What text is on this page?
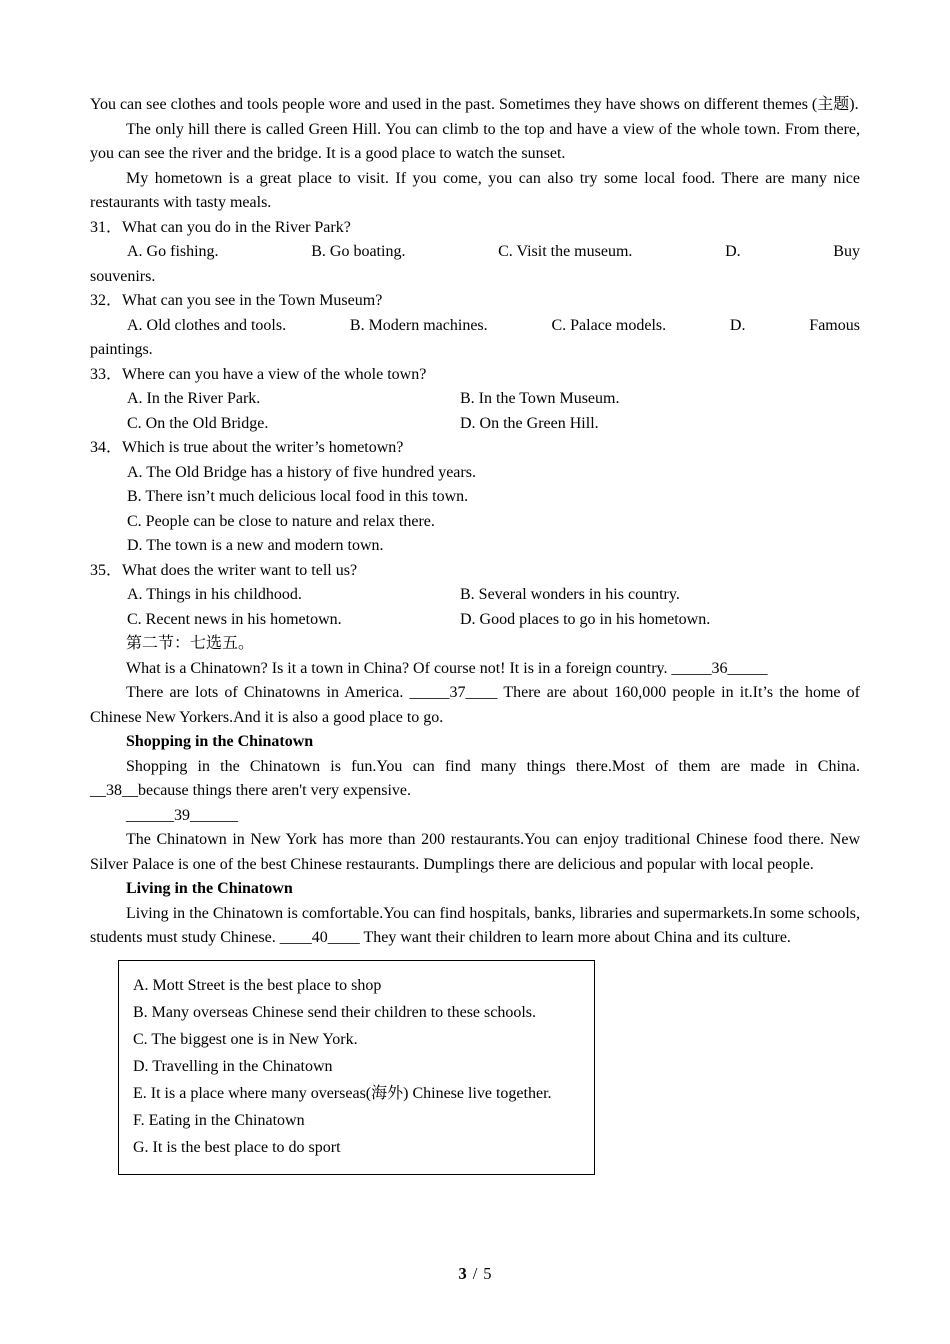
You can see clothes and tools people wore and used in the past. Sometimes they have shows on different themes (主题).

The only hill there is called Green Hill. You can climb to the top and have a view of the whole town. From there, you can see the river and the bridge. It is a good place to watch the sunset.

My hometown is a great place to visit. If you come, you can also try some local food. There are many nice restaurants with tasty meals.

31．What can you do in the River Park?
A. Go fishing.	B. Go boating.	C. Visit the museum.	D.	Buy
souvenirs.
32．What can you see in the Town Museum?
A. Old clothes and tools.	B. Modern machines.	C. Palace models.	D.	Famous
paintings.
33．Where can you have a view of the whole town?
A. In the River Park.	B. In the Town Museum.
C. On the Old Bridge.	D. On the Green Hill.
34．Which is true about the writer’s hometown?
A. The Old Bridge has a history of five hundred years.
B. There isn’t much delicious local food in this town.
C. People can be close to nature and relax there.
D. The town is a new and modern town.
35．What does the writer want to tell us?
A. Things in his childhood.	B. Several wonders in his country.
C. Recent news in his hometown.	D. Good places to go in his hometown.
第二节：七选五。

What is a Chinatown? Is it a town in China? Of course not! It is in a foreign country. _____36_____

There are lots of Chinatowns in America. _____37____ There are about 160,000 people in it.It’s the home of Chinese New Yorkers.And it is also a good place to go.

Shopping in the Chinatown

Shopping in the Chinatown is fun.You can find many things there.Most of them are made in China. __38__because things there aren't very expensive.

______39______

The Chinatown in New York has more than 200 restaurants.You can enjoy traditional Chinese food there. New Silver Palace is one of the best Chinese restaurants. Dumplings there are delicious and popular with local people.

Living in the Chinatown

Living in the Chinatown is comfortable.You can find hospitals, banks, libraries and supermarkets.In some schools, students must study Chinese. ____40____ They want their children to learn more about China and its culture.

A. Mott Street is the best place to shop
B. Many overseas Chinese send their children to these schools.
C. The biggest one is in New York.
D. Travelling in the Chinatown
E. It is a place where many overseas(海外) Chinese live together.
F. Eating in the Chinatown
G. It is the best place to do sport
3 / 5
